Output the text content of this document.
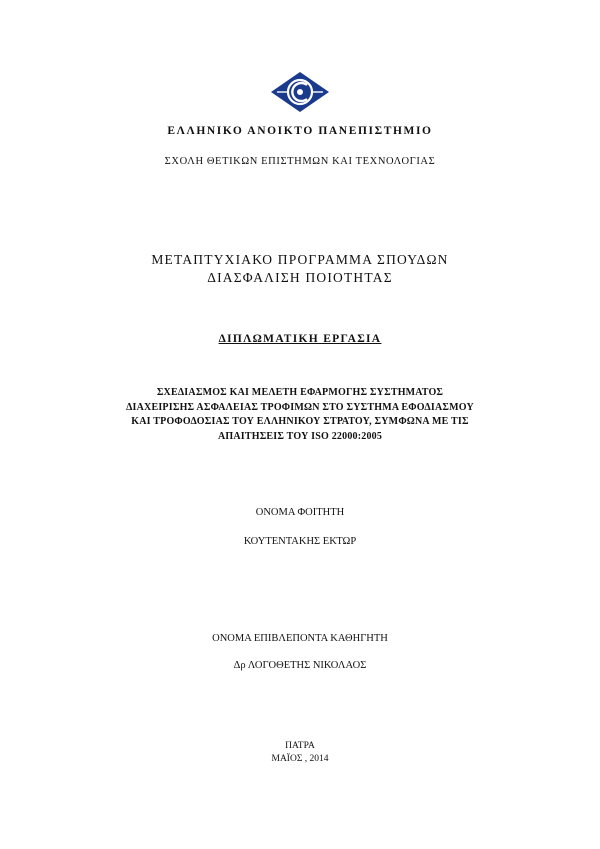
ΕΛΛΗΝΙΚΟ ΑΝΟΙΚΤΟ ΠΑΝΕΠΙΣΤΗΜΙΟ
ΣΧΟΛΗ ΘΕΤΙΚΩΝ ΕΠΙΣΤΗΜΩΝ ΚΑΙ ΤΕΧΝΟΛΟΓΙΑΣ
ΜΕΤΑΠΤΥΧΙΑΚΟ ΠΡΟΓΡΑΜΜΑ ΣΠΟΥΔΩΝ
ΔΙΑΣΦΑΛΙΣΗ ΠΟΙΟΤΗΤΑΣ
ΔΙΠΛΩΜΑΤΙΚΗ ΕΡΓΑΣΙΑ
ΣΧΕΔΙΑΣΜΟΣ ΚΑΙ ΜΕΛΕΤΗ ΕΦΑΡΜΟΓΗΣ ΣΥΣΤΗΜΑΤΟΣ
ΔΙΑΧΕΙΡΙΣΗΣ ΑΣΦΑΛΕΙΑΣ ΤΡΟΦΙΜΩΝ ΣΤΟ ΣΥΣΤΗΜΑ ΕΦΟΔΙΑΣΜΟΥ
ΚΑΙ ΤΡΟΦΟΔΟΣΙΑΣ ΤΟΥ ΕΛΛΗΝΙΚΟΥ ΣΤΡΑΤΟΥ, ΣΥΜΦΩΝΑ ΜΕ ΤΙΣ
ΑΠΑΙΤΗΣΕΙΣ ΤΟΥ ISO 22000:2005
ΟΝΟΜΑ ΦΟΙΤΗΤΗ
ΚΟΥΤΕΝΤΑΚΗΣ ΕΚΤΩΡ
ΟΝΟΜΑ ΕΠΙΒΛΕΠΟΝΤΑ ΚΑΘΗΓΗΤΗ
Δρ ΛΟΓΟΘΕΤΗΣ ΝΙΚΟΛΑΟΣ
ΠΑΤΡΑ
ΜΑΪΟΣ , 2014
